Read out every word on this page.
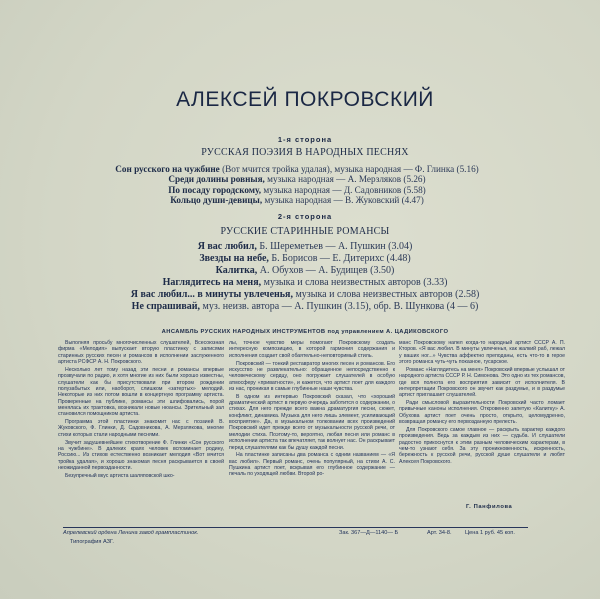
АЛЕКСЕЙ ПОКРОВСКИЙ
1-я сторона
РУССКАЯ ПОЭЗИЯ В НАРОДНЫХ ПЕСНЯХ
Сон русского на чужбине (Вот мчится тройка удалая), музыка народная — Ф. Глинка (5.16)
Среди долины ровныя, музыка народная — А. Мерзляков (5.26)
По посаду городскому, музыка народная — Д. Садовников (5.58)
Кольцо души-девицы, музыка народная — В. Жуковский (4.47)
2-я сторона
РУССКИЕ СТАРИННЫЕ РОМАНСЫ
Я вас любил, Б. Шереметьев — А. Пушкин (3.04)
Звезды на небе, Б. Борисов — Е. Дитерихс (4.48)
Калитка, А. Обухов — А. Будищев (3.50)
Наглядитесь на меня, музыка и слова неизвестных авторов (3.33)
Я вас любил... в минуты увлеченья, музыка и слова неизвестных авторов (2.58)
Не спрашивай, муз. неизв. автора — А. Пушкин (3.15), обр. В. Шункова (4 — 6)
АНСАМБЛЬ РУССКИХ НАРОДНЫХ ИНСТРУМЕНТОВ под управлением А. ЦАДИКОВСКОГО

Выполняя просьбу многочисленных слушателей, Всесоюзная фирма «Мелодия» выпускает вторую пластинку с записями старинных русских песен и романсов в исполнении заслуженного артиста РСФСР А. Н. Покровского.

Несколько лет тому назад эти песни и романсы впервые прозвучали по радио, и хотя многие из них были хорошо известны, слушатели как бы присутствовали при втором рождении полузабытых или, наоборот, слишком «затертых» мелодий. Некоторые из них потом вошли в концертную программу артиста. Проверенные на публике, романсы эти шлифовались, порой менялась их трактовка, возникали новые нюансы. Зрительный зал становился помощником артиста.

Программа этой пластинки знакомит нас с поэзией В. Жуковского, Ф. Глинки, Д. Садовникова, А. Мерзлякова, многие стихи которых стали народными песнями.

Звучит задушевнейшее стихотворение Ф. Глинки «Сон русского на чужбине». В далеких краях человек вспоминает родину, Россию... Из стихов естественно возникает мелодия «Вот мчится тройка удалая», и хорошо знакомая песня раскрывается в своей неожиданной первозданности.

Безупречный вкус артиста шаляповской шко-

лы, точное чувство меры помогают Покровскому создать интересную композицию, в которой гармония содержания и исполнения создает свой обаятельно-неповторимый стиль.

Покровский — тонкий реставратор многих песен и романсов. Его искусство не развлекательно: обращенное непосредственно к человеческому сердцу, оно погружает слушателей в особую атмосферу «приватности», и кажется, что артист поет для каждого из нас, проникая в самые глубинные наши чувства.

В одном из интервью Покровский сказал, что «хороший драматический артист в первую очередь заботится о содержании, о стихах. Для него прежде всего важна драматургия песни, сюжет, конфликт, динамика. Музыка для него лишь элемент, усиливающий восприятие». Да, в музыкальном толковании всех произведений Покровский идет прежде всего от музыкальности русской речи, от мелодии стиха. Поэтому-то, вероятно, любая песня или романс в исполнении артиста так впечатляет, так волнует нас. Он раскрывает перед слушателями как бы душу каждой песни.

На пластинке записаны два романса с одним названием — «Я вас любил». Первый романс, очень популярный, на стихи А. С. Пушкина артист поет, вскрывая его глубинное содержание — печаль по уходящей любви. Второй ро-

манс Покровскому напел когда-то народный артист СССР А. П. Кторов. «Я вас любил. В минуты увлеченья, как жалкий раб, лежал у ваших ног...» Чувства аффектно преподаны, есть что-то в герое этого романса чуть-чуть показное, гусарское.

Романс «Наглядитесь на меня» Покровский впервые услышал от народного артиста СССР Р. Н. Симонова. Это одно из тех романсов, где вся полнота его восприятия зависит от исполнителя. В интерпретации Покровского он звучит как раздумье, и в раздумье артист приглашает слушателей.

Ради смысловой выразительности Покровский часто ломает привычные каноны исполнения. Откровенно запетую «Калитку» А. Обухова артист поет очень просто, открыто, целомудренно, возвращая романсу его первозданную прелесть.

Для Покровского самое главное — раскрыть характер каждого произведения. Ведь за каждым из них — судьба. И слушатели радостно прикоснутся к этим разным человеческим характерам, в чем-то узнают себя. За эту проникновенность, искренность, бережность к русской речи, русской душе слушатели и любят Алексея Покровского.

Г. Панфилова
Апрелевский ордена Ленина завод грампластинок.
Типография АЗГ.
Зак. 367—Д—1140— Б	Арт. 34-8. Цена 1 руб. 45 коп.
